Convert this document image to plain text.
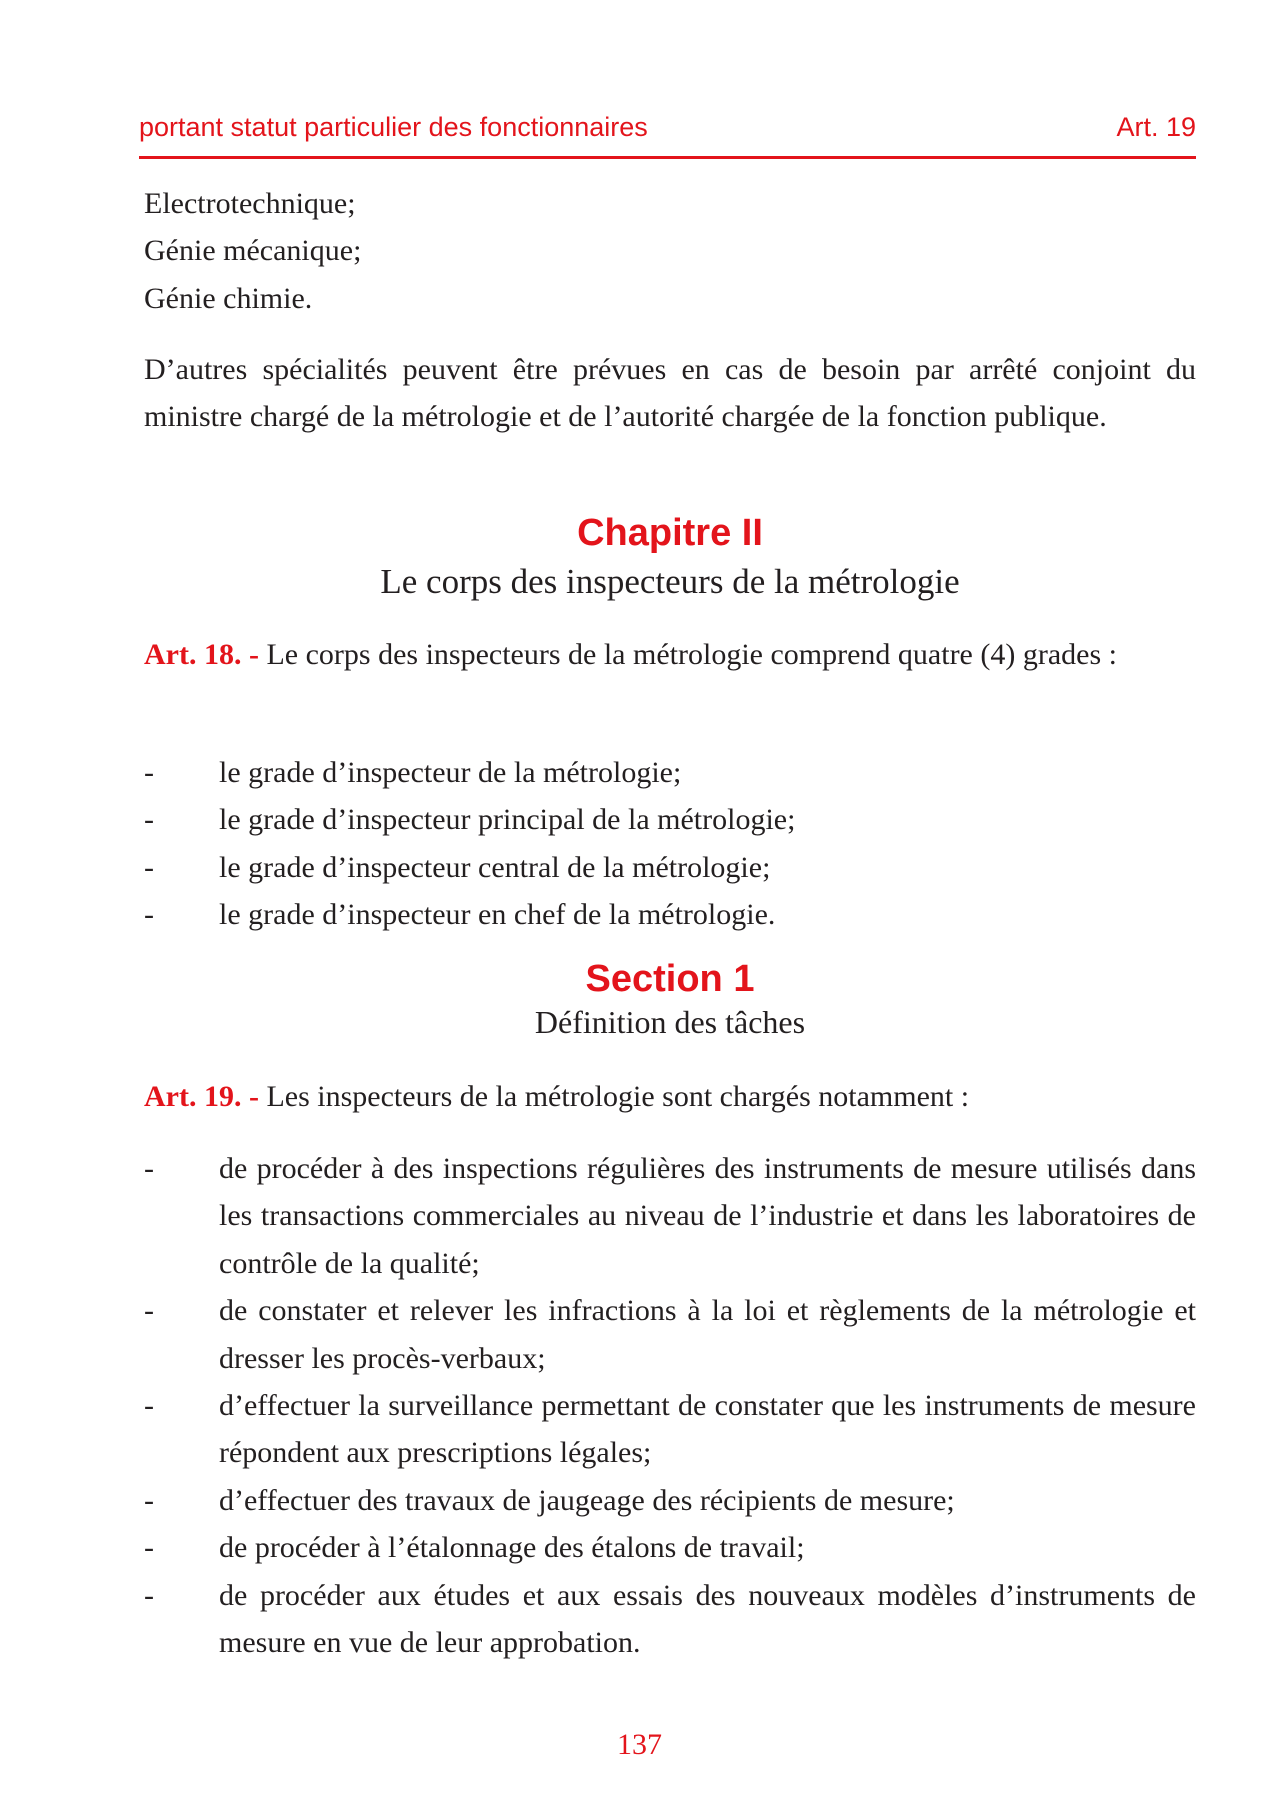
portant statut particulier des fonctionnaires	Art. 19

Electrotechnique;

Génie mécanique;

Génie chimie.

D’autres spécialités peuvent être prévues en cas de besoin par arrêté conjoint du ministre chargé de la métrologie et de l’autorité chargée de la fonction publique.

Chapitre II
Le corps des inspecteurs de la métrologie

Art. 18. - Le corps des inspecteurs de la métrologie comprend quatre (4) grades :

- le grade d’inspecteur de la métrologie;
- le grade d’inspecteur principal de la métrologie;
- le grade d’inspecteur central de la métrologie;
- le grade d’inspecteur en chef de la métrologie.
Section 1
Définition des tâches

Art. 19. - Les inspecteurs de la métrologie sont chargés notamment :

- de procéder à des inspections régulières des instruments de mesure utilisés dans les transactions commerciales au niveau de l’industrie et dans les laboratoires de contrôle de la qualité;
- de constater et relever les infractions à la loi et règlements de la métrologie et dresser les procès-verbaux;
- d’effectuer la surveillance permettant de constater que les instruments de mesure répondent aux prescriptions légales;
- d’effectuer des travaux de jaugeage des récipients de mesure;
- de procéder à l’étalonnage des étalons de travail;
- de procéder aux études et aux essais des nouveaux modèles d’instruments de mesure en vue de leur approbation.
137
